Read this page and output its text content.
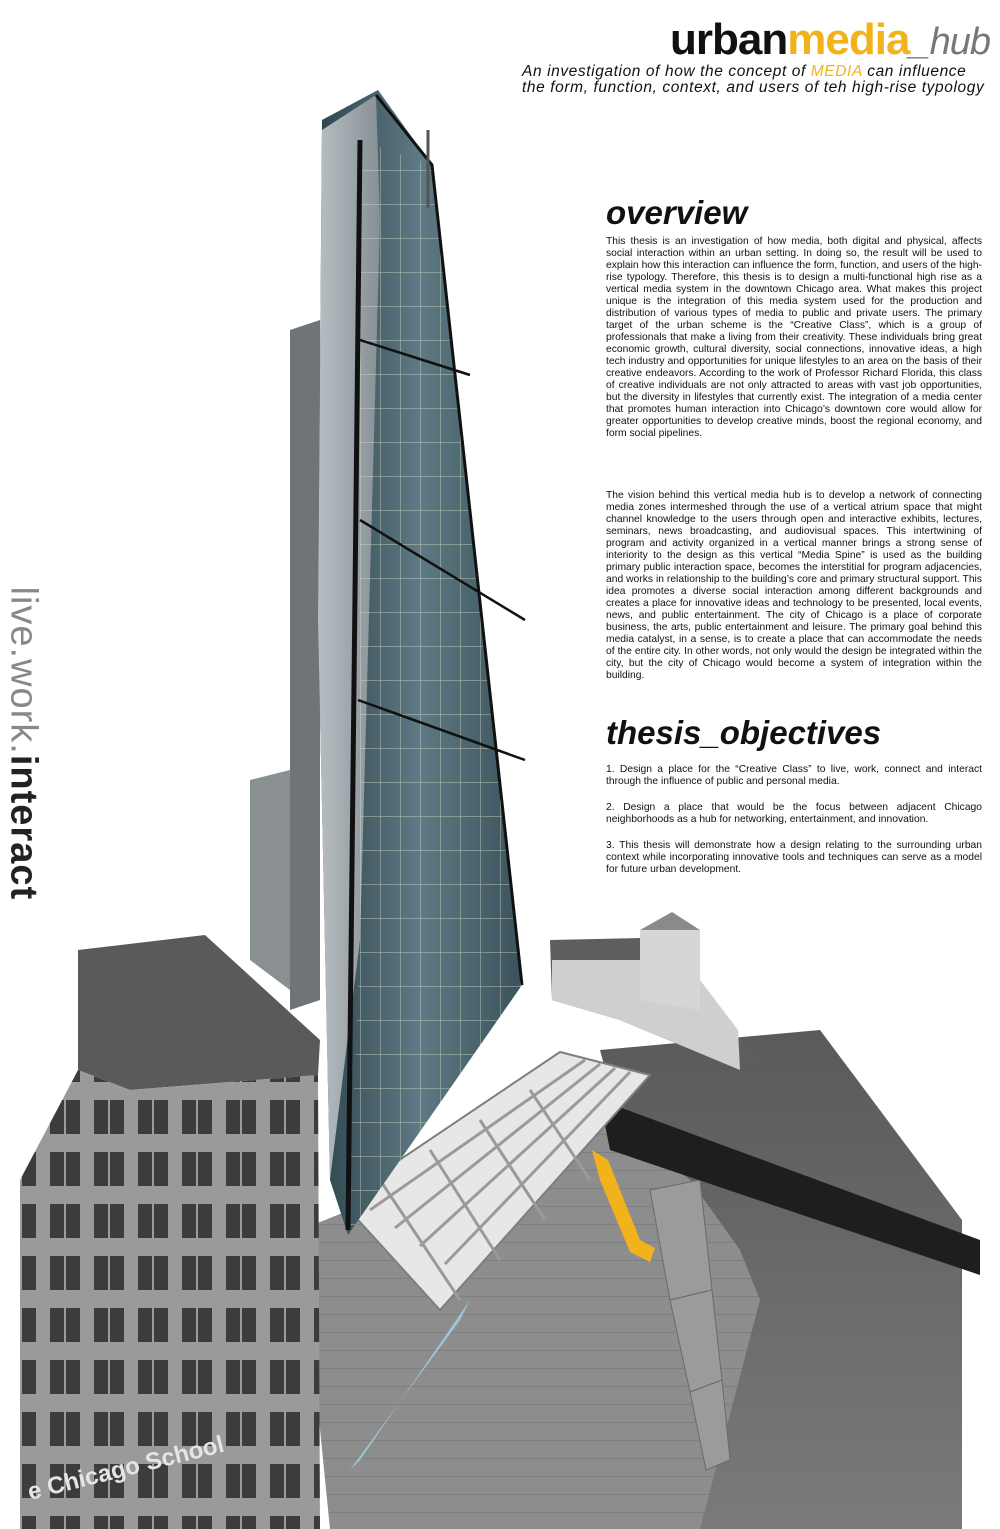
e Chicago School
urbanmedia_hub

An investigation of how the concept of MEDIA can influence the form, function, context, and users of teh high-rise typology

live.work.interact
overview

This thesis is an investigation of how media, both digital and physical, affects social interaction within an urban setting. In doing so, the result will be used to explain how this interaction can influence the form, function, and users of the high-rise typology. Therefore, this thesis is to design a multi-functional high rise as a vertical media system in the downtown Chicago area. What makes this project unique is the integration of this media system used for the production and distribution of various types of media to public and private users. The primary target of the urban scheme is the “Creative Class”, which is a group of professionals that make a living from their creativity. These individuals bring great economic growth, cultural diversity, social connections, innovative ideas, a high tech industry and opportunities for unique lifestyles to an area on the basis of their creative endeavors. According to the work of Professor Richard Florida, this class of creative individuals are not only attracted to areas with vast job opportunities, but the diversity in lifestyles that currently exist. The integration of a media center that promotes human interaction into Chicago’s downtown core would allow for greater opportunities to develop creative minds, boost the regional economy, and form social pipelines.

The vision behind this vertical media hub is to develop a network of connecting media zones intermeshed through the use of a vertical atrium space that might channel knowledge to the users through open and interactive exhibits, lectures, seminars, news broadcasting, and audiovisual spaces. This intertwining of program and activity organized in a vertical manner brings a strong sense of interiority to the design as this vertical “Media Spine” is used as the building primary public interaction space, becomes the interstitial for program adjacencies, and works in relationship to the building’s core and primary structural support. This idea promotes a diverse social interaction among different backgrounds and creates a place for innovative ideas and technology to be presented, local events, news, and public entertainment. The city of Chicago is a place of corporate business, the arts, public entertainment and leisure. The primary goal behind this media catalyst, in a sense, is to create a place that can accommodate the needs of the entire city. In other words, not only would the design be integrated within the city, but the city of Chicago would become a system of integration within the building.

thesis_objectives

1. Design a place for the “Creative Class” to live, work, connect and interact through the influence of public and personal media.

2. Design a place that would be the focus between adjacent Chicago neighborhoods as a hub for networking, entertainment, and innovation.

3. This thesis will demonstrate how a design relating to the surrounding urban context while incorporating innovative tools and techniques can serve as a model for future urban development.
